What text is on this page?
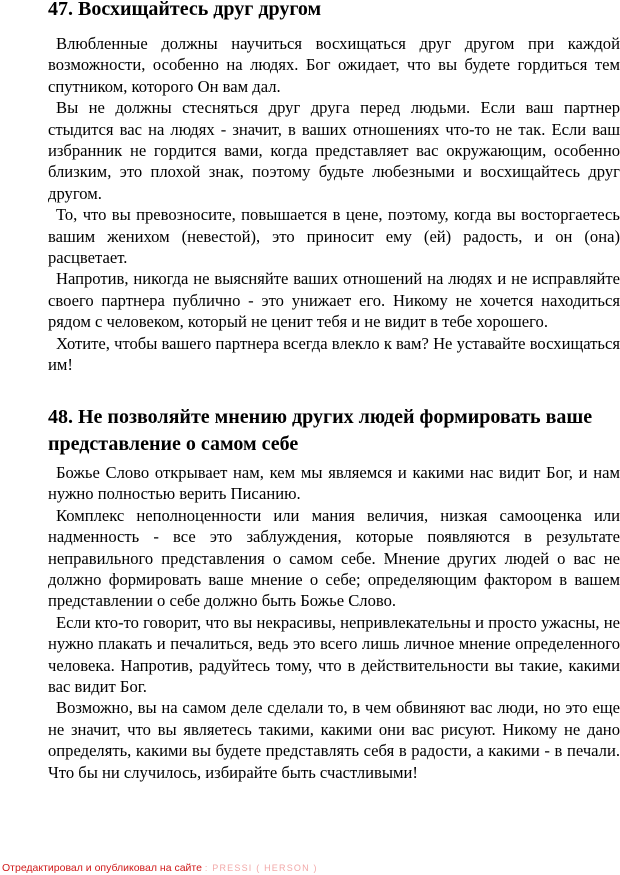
47. Восхищайтесь друг другом

Влюбленные должны научиться восхищаться друг другом при каждой возможности, особенно на людях. Бог ожидает, что вы будете гордиться тем спутником, которого Он вам дал.

Вы не должны стесняться друг друга перед людьми. Если ваш партнер стыдится вас на людях - значит, в ваших отношениях что-то не так. Если ваш избранник не гордится вами, когда представляет вас окружающим, особенно близким, это плохой знак, поэтому будьте любезными и восхищайтесь друг другом.

То, что вы превозносите, повышается в цене, поэтому, когда вы восторгаетесь вашим женихом (невестой), это приносит ему (ей) радость, и он (она) расцветает.

Напротив, никогда не выясняйте ваших отношений на людях и не исправляйте своего партнера публично - это унижает его. Никому не хочется находиться рядом с человеком, который не ценит тебя и не видит в тебе хорошего.

Хотите, чтобы вашего партнера всегда влекло к вам? Не уставайте восхищаться им!

48. Не позволяйте мнению других людей формировать ваше представление о самом себе

Божье Слово открывает нам, кем мы являемся и какими нас видит Бог, и нам нужно полностью верить Писанию.

Комплекс неполноценности или мания величия, низкая самооценка или надменность - все это заблуждения, которые появляются в результате неправильного представления о самом себе. Мнение других людей о вас не должно формировать ваше мнение о себе; определяющим фактором в вашем представлении о себе должно быть Божье Слово.

Если кто-то говорит, что вы некрасивы, непривлекательны и просто ужасны, не нужно плакать и печалиться, ведь это всего лишь личное мнение определенного человека. Напротив, радуйтесь тому, что в действительности вы такие, какими вас видит Бог.

Возможно, вы на самом деле сделали то, в чем обвиняют вас люди, но это еще не значит, что вы являетесь такими, какими они вас рисуют. Никому не дано определять, какими вы будете представлять себя в радости, а какими - в печали. Что бы ни случилось, избирайте быть счастливыми!

Отредактировал и опубликовал на сайте : PRESSI ( HERSON )
